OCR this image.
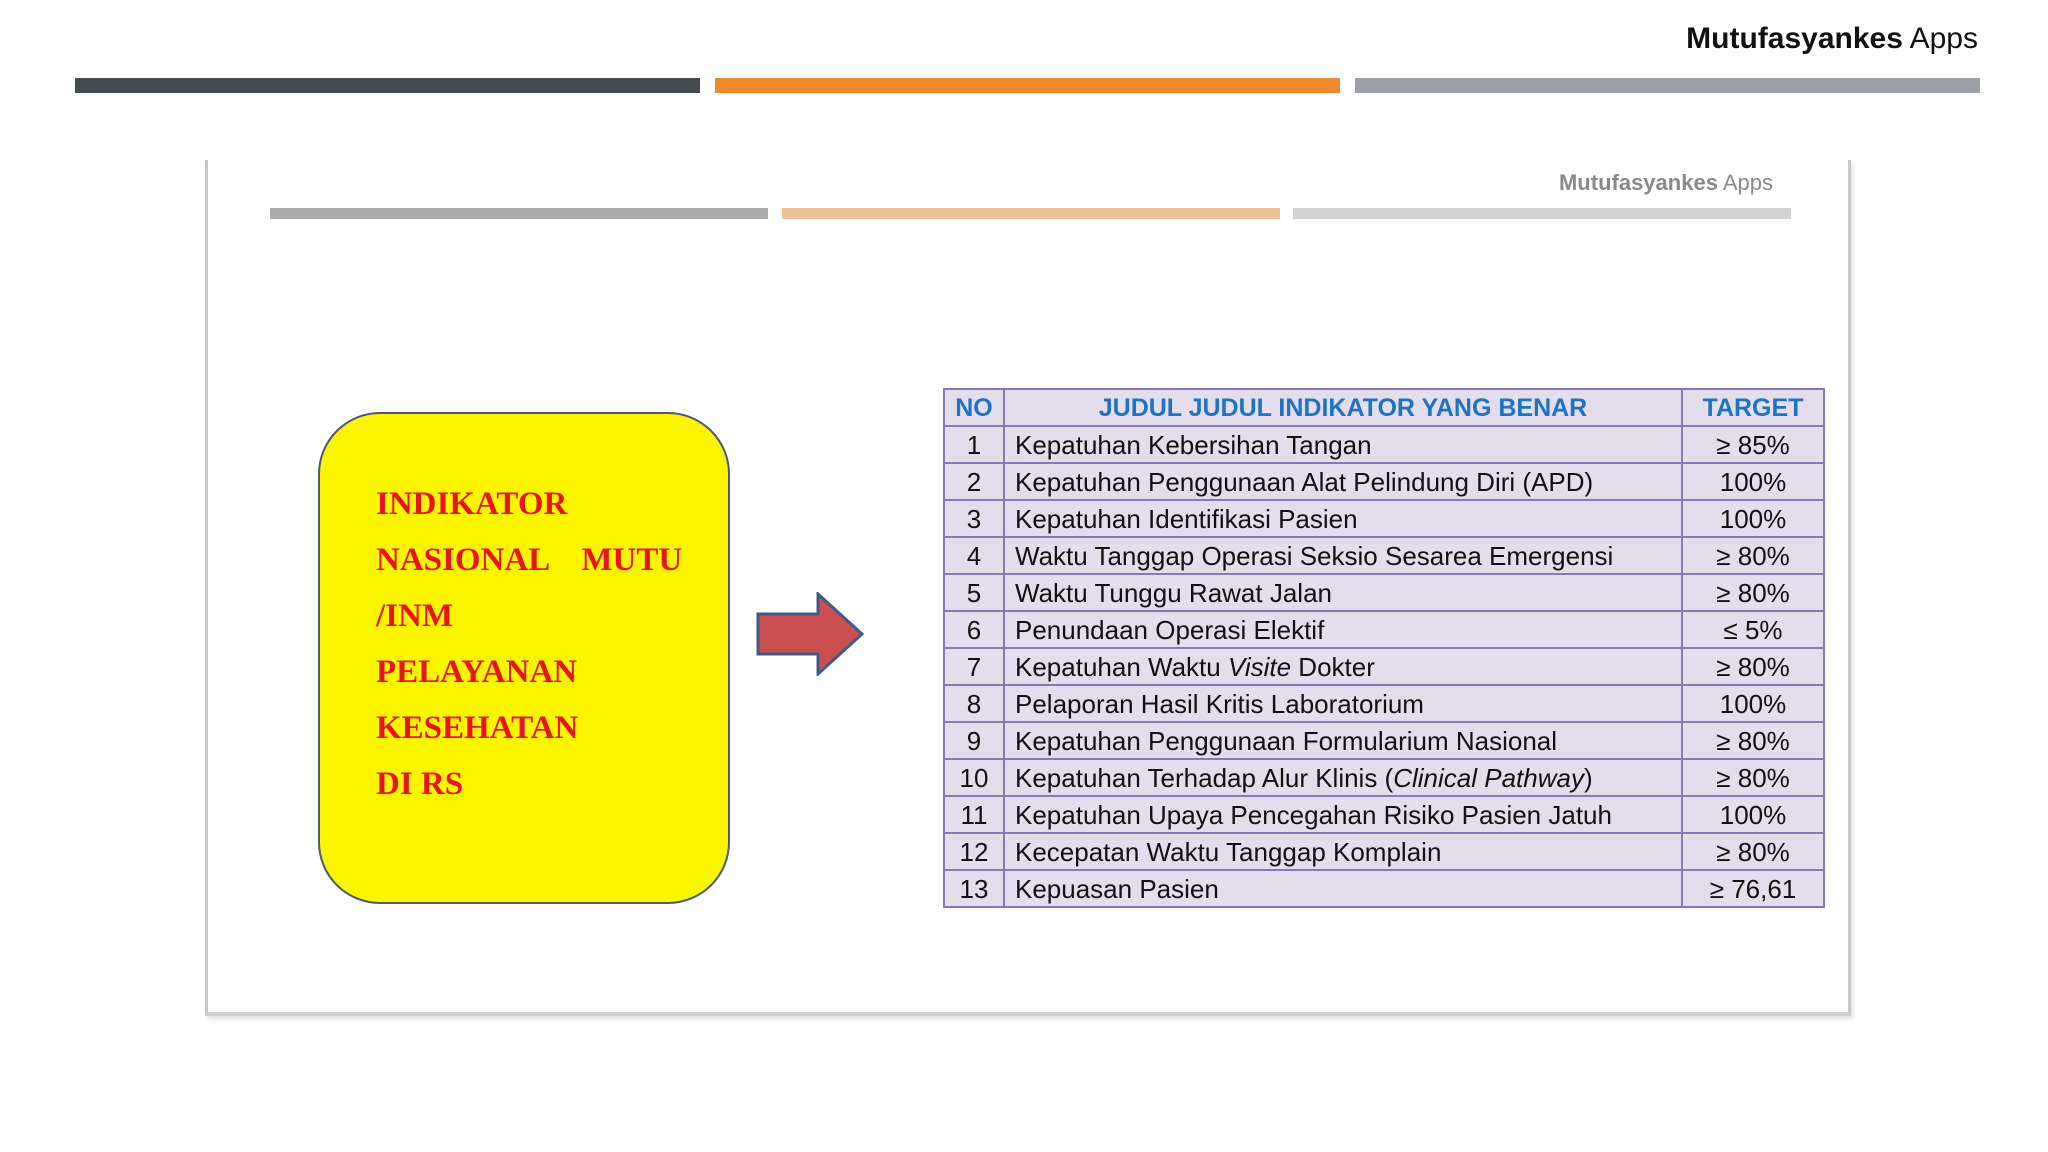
Mutufasyankes Apps
Mutufasyankes Apps
INDIKATOR
NASIONAL    MUTU
/INM
PELAYANAN
KESEHATAN
DI RS
NO	JUDUL JUDUL INDIKATOR YANG BENAR	TARGET
1	Kepatuhan Kebersihan Tangan	≥ 85%
2	Kepatuhan Penggunaan Alat Pelindung Diri (APD)	100%
3	Kepatuhan Identifikasi Pasien	100%
4	Waktu Tanggap Operasi Seksio Sesarea Emergensi	≥ 80%
5	Waktu Tunggu Rawat Jalan	≥ 80%
6	Penundaan Operasi Elektif	≤ 5%
7	Kepatuhan Waktu Visite Dokter	≥ 80%
8	Pelaporan Hasil Kritis Laboratorium	100%
9	Kepatuhan Penggunaan Formularium Nasional	≥ 80%
10	Kepatuhan Terhadap Alur Klinis (Clinical Pathway)	≥ 80%
11	Kepatuhan Upaya Pencegahan Risiko Pasien Jatuh	100%
12	Kecepatan Waktu Tanggap Komplain	≥ 80%
13	Kepuasan Pasien	≥ 76,61
